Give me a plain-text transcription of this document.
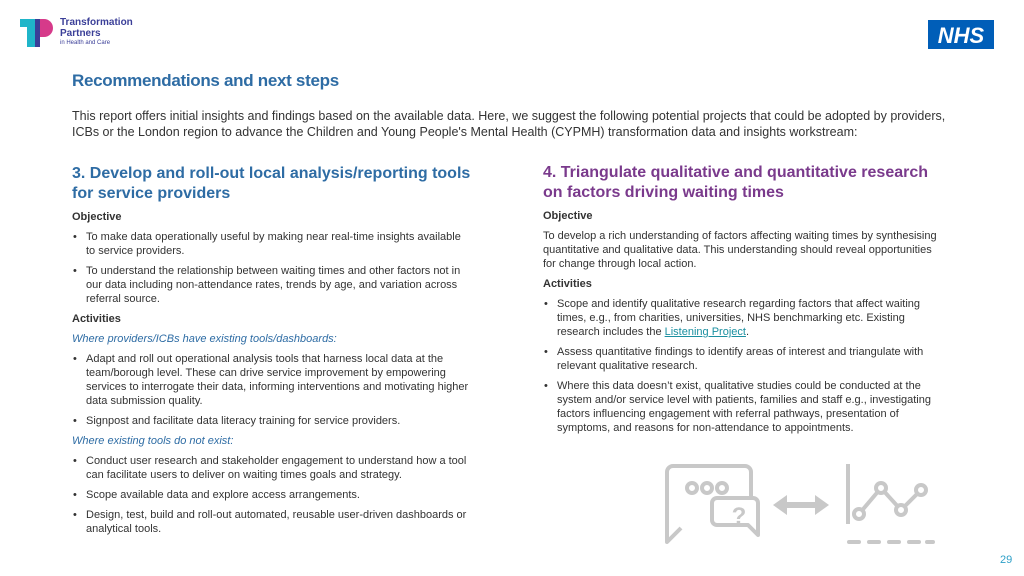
Transformation
Partners
in Health and Care	NHS
Recommendations and next steps
This report offers initial insights and findings based on the available data. Here, we suggest the following potential projects that could be adopted by providers, ICBs or the London region to advance the Children and Young People's Mental Health (CYPMH) transformation data and insights workstream:
3. Develop and roll-out local analysis/reporting tools for service providers
Objective
• To make data operationally useful by making near real-time insights available to service providers.
• To understand the relationship between waiting times and other factors not in our data including non-attendance rates, trends by age, and variation across referral source.
Activities
Where providers/ICBs have existing tools/dashboards:
• Adapt and roll out operational analysis tools that harness local data at the team/borough level. These can drive service improvement by empowering services to interrogate their data, informing interventions and motivating higher data submission quality.
• Signpost and facilitate data literacy training for service providers.
Where existing tools do not exist:
• Conduct user research and stakeholder engagement to understand how a tool can facilitate users to deliver on waiting times goals and strategy.
• Scope available data and explore access arrangements.
• Design, test, build and roll-out automated, reusable user-driven dashboards or analytical tools.
4. Triangulate qualitative and quantitative research on factors driving waiting times
Objective
To develop a rich understanding of factors affecting waiting times by synthesising quantitative and qualitative data. This understanding should reveal opportunities for change through local action.
Activities
• Scope and identify qualitative research regarding factors that affect waiting times, e.g., from charities, universities, NHS benchmarking etc. Existing research includes the Listening Project.
• Assess quantitative findings to identify areas of interest and triangulate with relevant qualitative research.
• Where this data doesn’t exist, qualitative studies could be conducted at the system and/or service level with patients, families and staff e.g., investigating factors influencing engagement with referral pathways, presentation of symptoms, and reasons for non-attendance to appointments.
?
29
